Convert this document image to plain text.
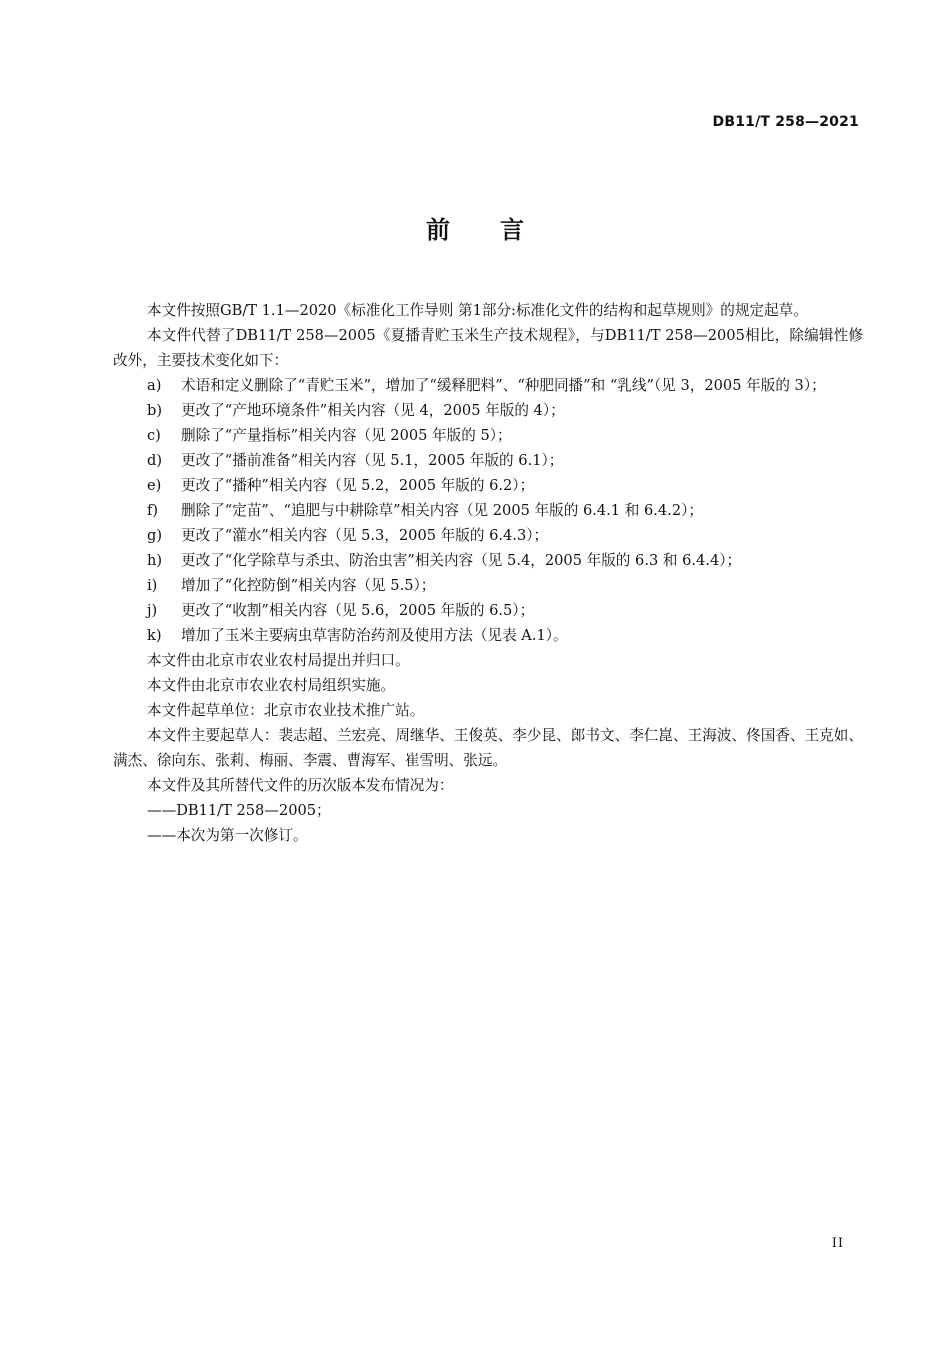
DB11/T 258—2021
前言

本文件按照GB/T 1.1—2020《标准化工作导则 第1部分:标准化文件的结构和起草规则》的规定起草。

本文件代替了DB11/T 258—2005《夏播青贮玉米生产技术规程》，与DB11/T 258—2005相比，除编辑性修改外，主要技术变化如下：

a)	术语和定义删除了“青贮玉米”，增加了“缓释肥料”、“种肥同播”和 “乳线”（见 3，2005 年版的 3）；
b)	更改了“产地环境条件”相关内容（见 4，2005 年版的 4）；
c)	删除了“产量指标”相关内容（见 2005 年版的 5）；
d)	更改了“播前准备”相关内容（见 5.1，2005 年版的 6.1）；
e)	更改了“播种”相关内容（见 5.2，2005 年版的 6.2）；
f)	删除了“定苗”、“追肥与中耕除草”相关内容（见 2005 年版的 6.4.1 和 6.4.2）；
g)	更改了“灌水”相关内容（见 5.3，2005 年版的 6.4.3）；
h)	更改了“化学除草与杀虫、防治虫害”相关内容（见 5.4，2005 年版的 6.3 和 6.4.4）；
i)	增加了“化控防倒”相关内容（见 5.5）；
j)	更改了“收割”相关内容（见 5.6，2005 年版的 6.5）；
k)	增加了玉米主要病虫草害防治药剂及使用方法（见表 A.1）。

本文件由北京市农业农村局提出并归口。

本文件由北京市农业农村局组织实施。

本文件起草单位：北京市农业技术推广站。

本文件主要起草人：裴志超、兰宏亮、周继华、王俊英、李少昆、郎书文、李仁崑、王海波、佟国香、王克如、满杰、徐向东、张莉、梅丽、李震、曹海军、崔雪明、张远。

本文件及其所替代文件的历次版本发布情况为：

——DB11/T 258—2005；

——本次为第一次修订。

II
